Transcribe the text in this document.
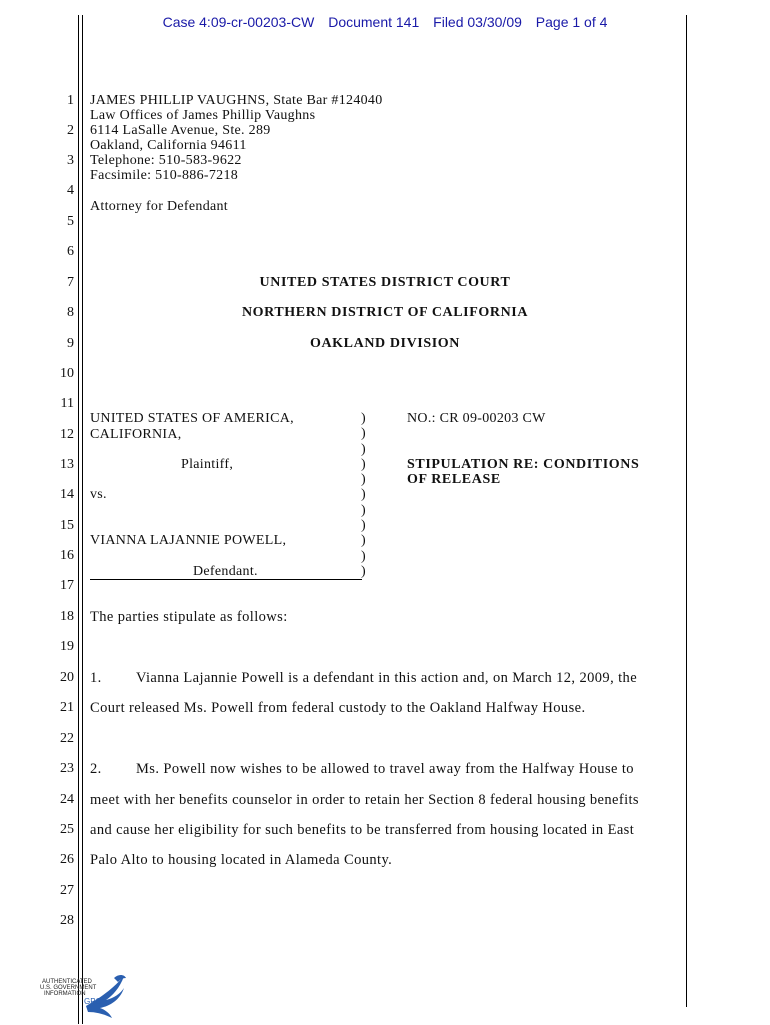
Case 4:09-cr-00203-CW Document 141 Filed 03/30/09 Page 1 of 4
1
2
3
4
5
6
7
8
9
10
11
12
13
14
15
16
17
18
19
20
21
22
23
24
25
26
27
28
JAMES PHILLIP VAUGHNS, State Bar #124040
Law Offices of James Phillip Vaughns
6114 LaSalle Avenue, Ste. 289
Oakland, California 94611
Telephone: 510-583-9622
Facsimile: 510-886-7218
Attorney for Defendant
UNITED STATES DISTRICT COURT
NORTHERN DISTRICT OF CALIFORNIA
OAKLAND DIVISION
UNITED STATES OF AMERICA,
CALIFORNIA,
Plaintiff,
vs.
VIANNA LAJANNIE POWELL,
Defendant.
)
)
)
)
)
)
)
)
)
)
)
NO.: CR 09-00203 CW
STIPULATION RE: CONDITIONS
OF RELEASE
The parties stipulate as follows:
1. Vianna Lajannie Powell is a defendant in this action and, on March 12, 2009, the
Court released Ms. Powell from federal custody to the Oakland Halfway House.
2. Ms. Powell now wishes to be allowed to travel away from the Halfway House to
meet with her benefits counselor in order to retain her Section 8 federal housing benefits
and cause her eligibility for such benefits to be transferred from housing located in East
Palo Alto to housing located in Alameda County.
AUTHENTICATED
U.S. GOVERNMENT
INFORMATION
GPO
